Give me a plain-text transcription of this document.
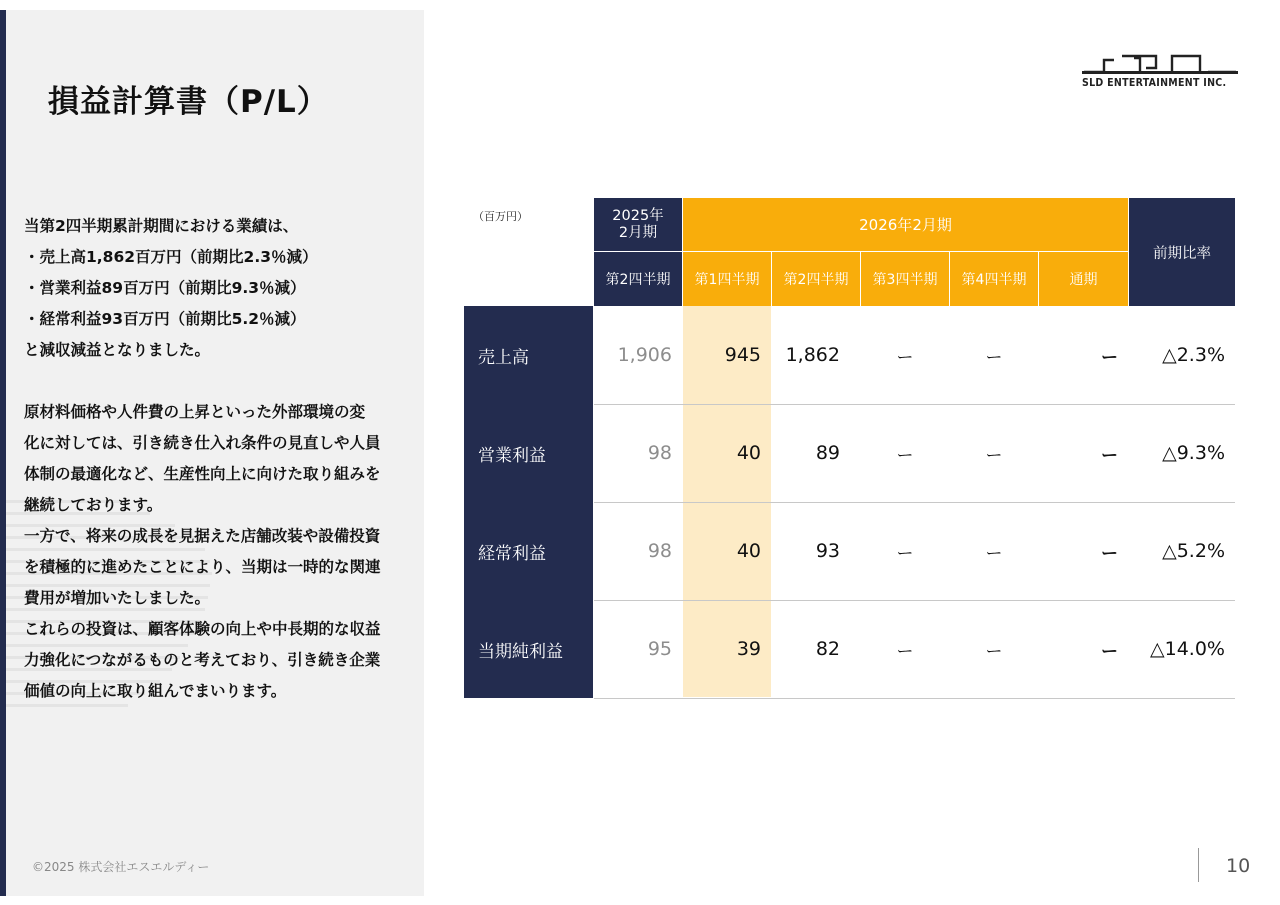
損益計算書（P/L）

当第2四半期累計期間における業績は、

・売上高1,862百万円（前期比2.3％減）

・営業利益89百万円（前期比9.3％減）

・経常利益93百万円（前期比5.2％減）

と減収減益となりました。

原材料価格や人件費の上昇といった外部環境の変

化に対しては、引き続き仕入れ条件の見直しや人員

体制の最適化など、生産性向上に向けた取り組みを

継続しております。

一方で、将来の成長を見据えた店舗改装や設備投資

を積極的に進めたことにより、当期は一時的な関連

費用が増加いたしました。

これらの投資は、顧客体験の向上や中長期的な収益

力強化につながるものと考えており、引き続き企業

価値の向上に取り組んでまいります。

©2025 株式会社エスエルディー
SLD ENTERTAINMENT INC.
（百万円）	2025年
2月期	2026年2月期
前期比率
第2四半期	第1四半期	第2四半期	第3四半期	第4四半期	通期
売上高	1,906	945	1,862	ー	ー	ー	△2.3%
営業利益	98	40	89	ー	ー	ー	△9.3%
経常利益	98	40	93	ー	ー	ー	△5.2%
当期純利益	95	39	82	ー	ー	ー	△14.0%
10
